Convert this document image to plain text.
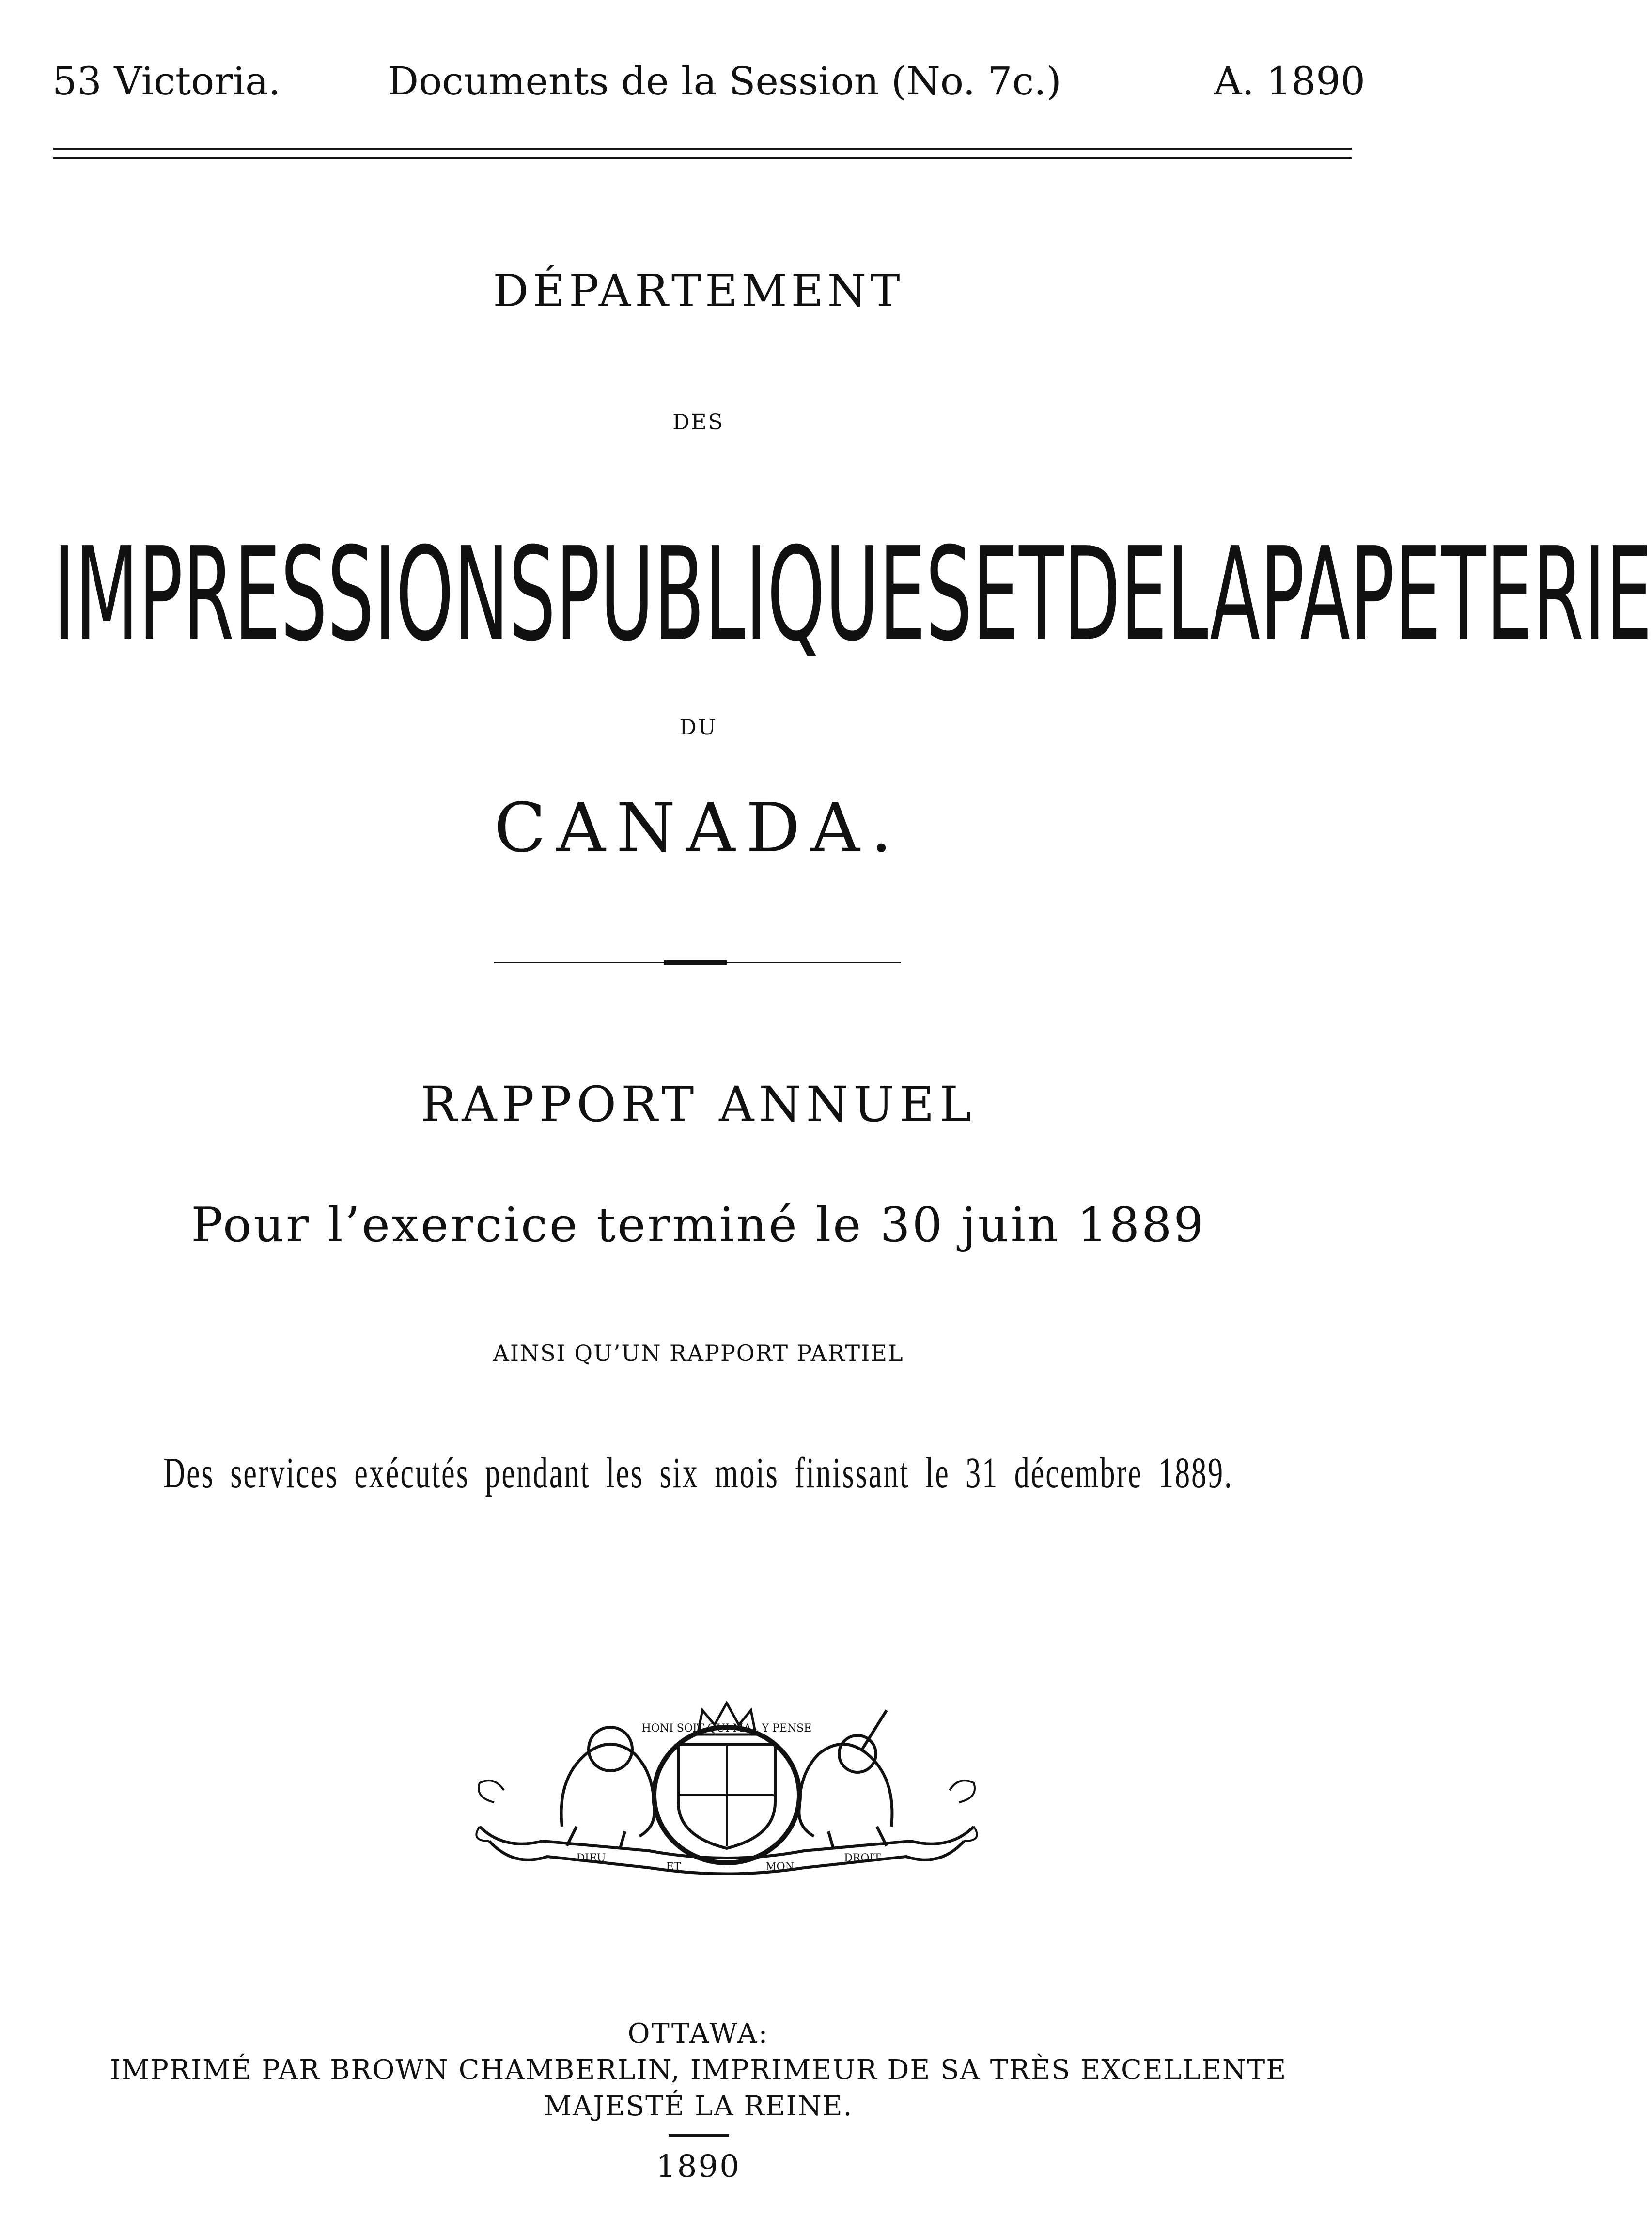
53 Victoria.	Documents de la Session (No. 7c.)	A. 1890
DÉPARTEMENT
DES
IMPRESSIONS PUBLIQUES ET DE LA PAPETERIE
DU
CANADA.
RAPPORT ANNUEL
Pour l’exercice terminé le 30 juin 1889
AINSI QU’UN RAPPORT PARTIEL
Des services exécutés pendant les six mois finissant le 31 décembre 1889.
HONI SOIT QUI MAL Y PENSE
DIEU
ET	MON
DROIT
OTTAWA:
IMPRIMÉ PAR BROWN CHAMBERLIN, IMPRIMEUR DE SA TRÈS EXCELLENTE
MAJESTÉ LA REINE.
1890
